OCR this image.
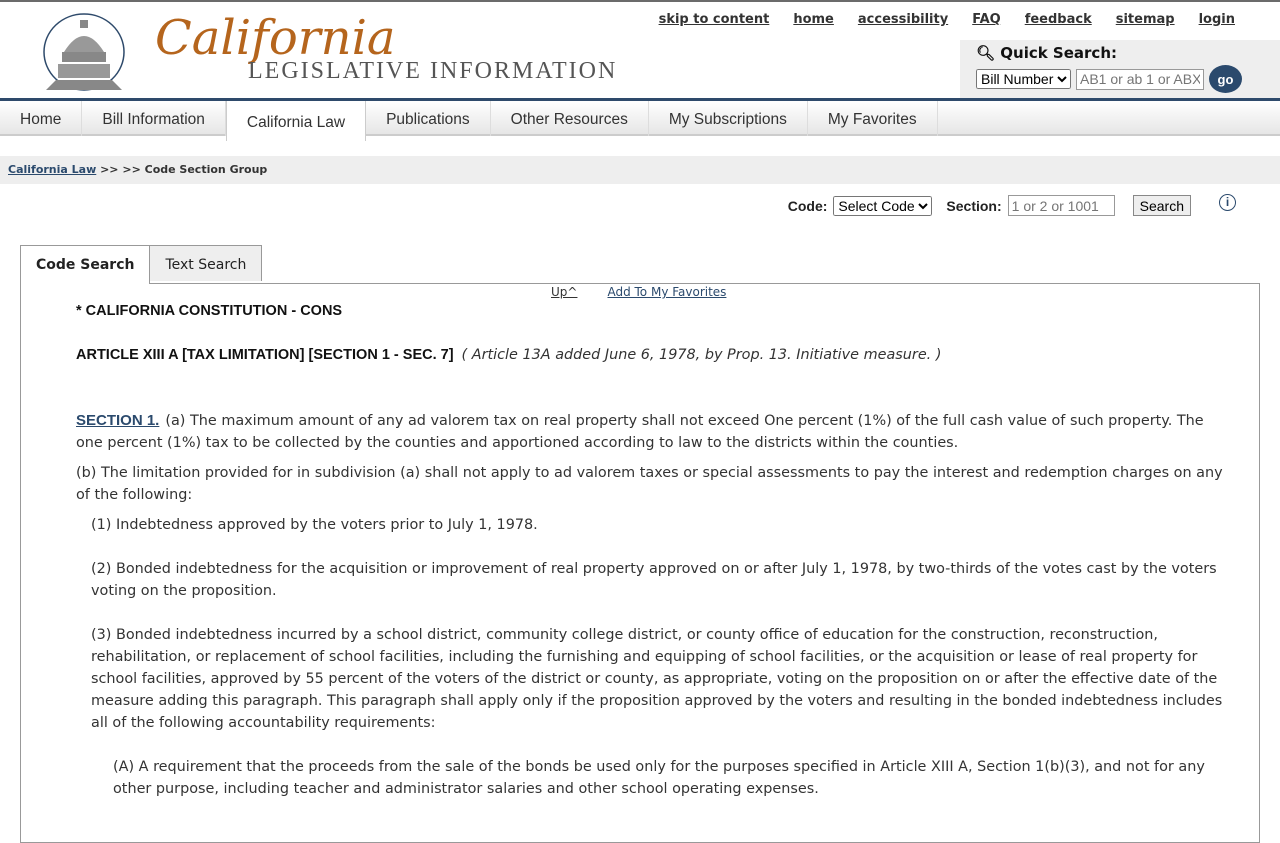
California
LEGISLATIVE INFORMATION
skip to content home accessibility FAQ feedback sitemap login
🔍︎ Quick Search:
Bill Number
AB1 or ab 1 or ABX1
go
Home	Bill Information	California Law	Publications	Other Resources	My Subscriptions	My Favorites
California Law >> >> Code Section Group
Code:
Select Code	Section:
1 or 2 or 1001	Search	i
Code Search	Text Search
Up^	Add To My Favorites
* CALIFORNIA CONSTITUTION - CONS
ARTICLE XIII A [TAX LIMITATION] [SECTION 1 - SEC. 7] ( Article 13A added June 6, 1978, by Prop. 13. Initiative measure. )

SECTION 1. (a) The maximum amount of any ad valorem tax on real property shall not exceed One percent (1%) of the full cash value of such property. The one percent (1%) tax to be collected by the counties and apportioned according to law to the districts within the counties.

(b) The limitation provided for in subdivision (a) shall not apply to ad valorem taxes or special assessments to pay the interest and redemption charges on any of the following:

(1) Indebtedness approved by the voters prior to July 1, 1978.

(2) Bonded indebtedness for the acquisition or improvement of real property approved on or after July 1, 1978, by two-thirds of the votes cast by the voters voting on the proposition.

(3) Bonded indebtedness incurred by a school district, community college district, or county office of education for the construction, reconstruction, rehabilitation, or replacement of school facilities, including the furnishing and equipping of school facilities, or the acquisition or lease of real property for school facilities, approved by 55 percent of the voters of the district or county, as appropriate, voting on the proposition on or after the effective date of the measure adding this paragraph. This paragraph shall apply only if the proposition approved by the voters and resulting in the bonded indebtedness includes all of the following accountability requirements:

(A) A requirement that the proceeds from the sale of the bonds be used only for the purposes specified in Article XIII A, Section 1(b)(3), and not for any other purpose, including teacher and administrator salaries and other school operating expenses.
